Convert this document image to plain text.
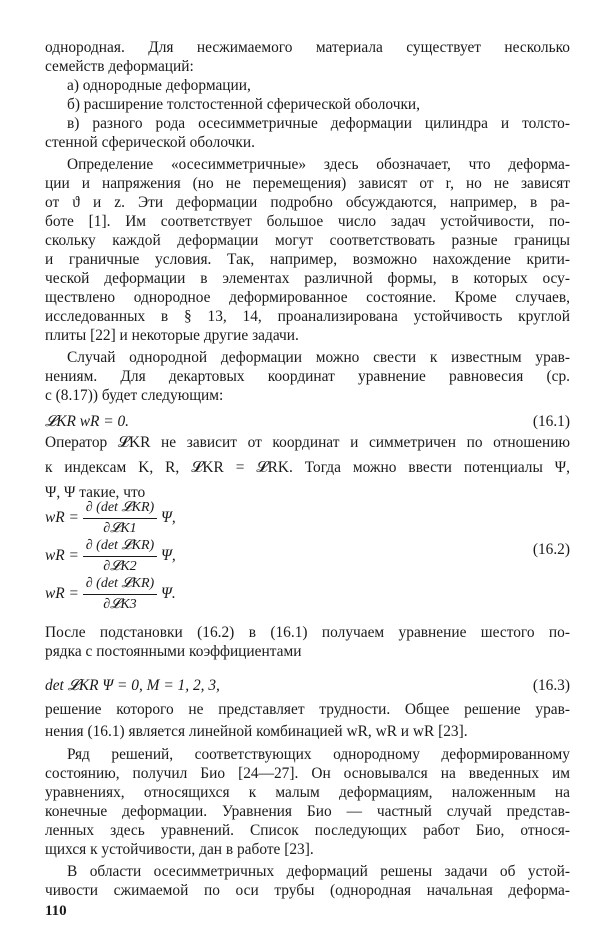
однородная. Для несжимаемого материала существует несколько
семейств деформаций:
а) однородные деформации,
б) расширение толстостенной сферической оболочки,
в) разного рода осесимметричные деформации цилиндра и толсто-
стенной сферической оболочки.
Определение «осесимметричные» здесь обозначает, что деформа-
ции и напряжения (но не перемещения) зависят от r, но не зависят
от ϑ и z. Эти деформации подробно обсуждаются, например, в ра-
боте [1]. Им соответствует большое число задач устойчивости, по-
скольку каждой деформации могут соответствовать разные границы
и граничные условия. Так, например, возможно нахождение крити-
ческой деформации в элементах различной формы, в которых осу-
ществлено однородное деформированное состояние. Кроме случаев,
исследованных в § 13, 14, проанализирована устойчивость круглой
плиты [22] и некоторые другие задачи.
Случай однородной деформации можно свести к известным урав-
нениям. Для декартовых координат уравнение равновесия (ср.
с (8.17)) будет следующим:
𝓛KR wR = 0.	(16.1)
Оператор 𝓛KR не зависит от координат и симметричен по отношению
к индексам K, R, 𝓛KR = 𝓛RK. Тогда можно ввести потенциалы Ψ,
Ψ, Ψ такие, что
wR = $\frac{\text{∂ (det 𝓛KR)}}{\text{∂𝓛K1}} \Psi$,
wR = $\frac{\text{∂ (det 𝓛KR)}}{\text{∂𝓛K2}} \Psi$,
wR = $\frac{\text{∂ (det 𝓛KR)}}{\text{∂𝓛K3}} \Psi$.
(16.2)
После подстановки (16.2) в (16.1) получаем уравнение шестого по-
рядка с постоянными коэффициентами
det 𝓛KR Ψ = 0, M = 1, 2, 3,	(16.3)
решение которого не представляет трудности. Общее решение урав-
нения (16.1) является линейной комбинацией wR, wR и wR [23].
Ряд решений, соответствующих однородному деформированному
состоянию, получил Био [24—27]. Он основывался на введенных им
уравнениях, относящихся к малым деформациям, наложенным на
конечные деформации. Уравнения Био — частный случай представ-
ленных здесь уравнений. Список последующих работ Био, относя-
щихся к устойчивости, дан в работе [23].
В области осесимметричных деформаций решены задачи об устой-
чивости сжимаемой по оси трубы (однородная начальная деформа-
110
